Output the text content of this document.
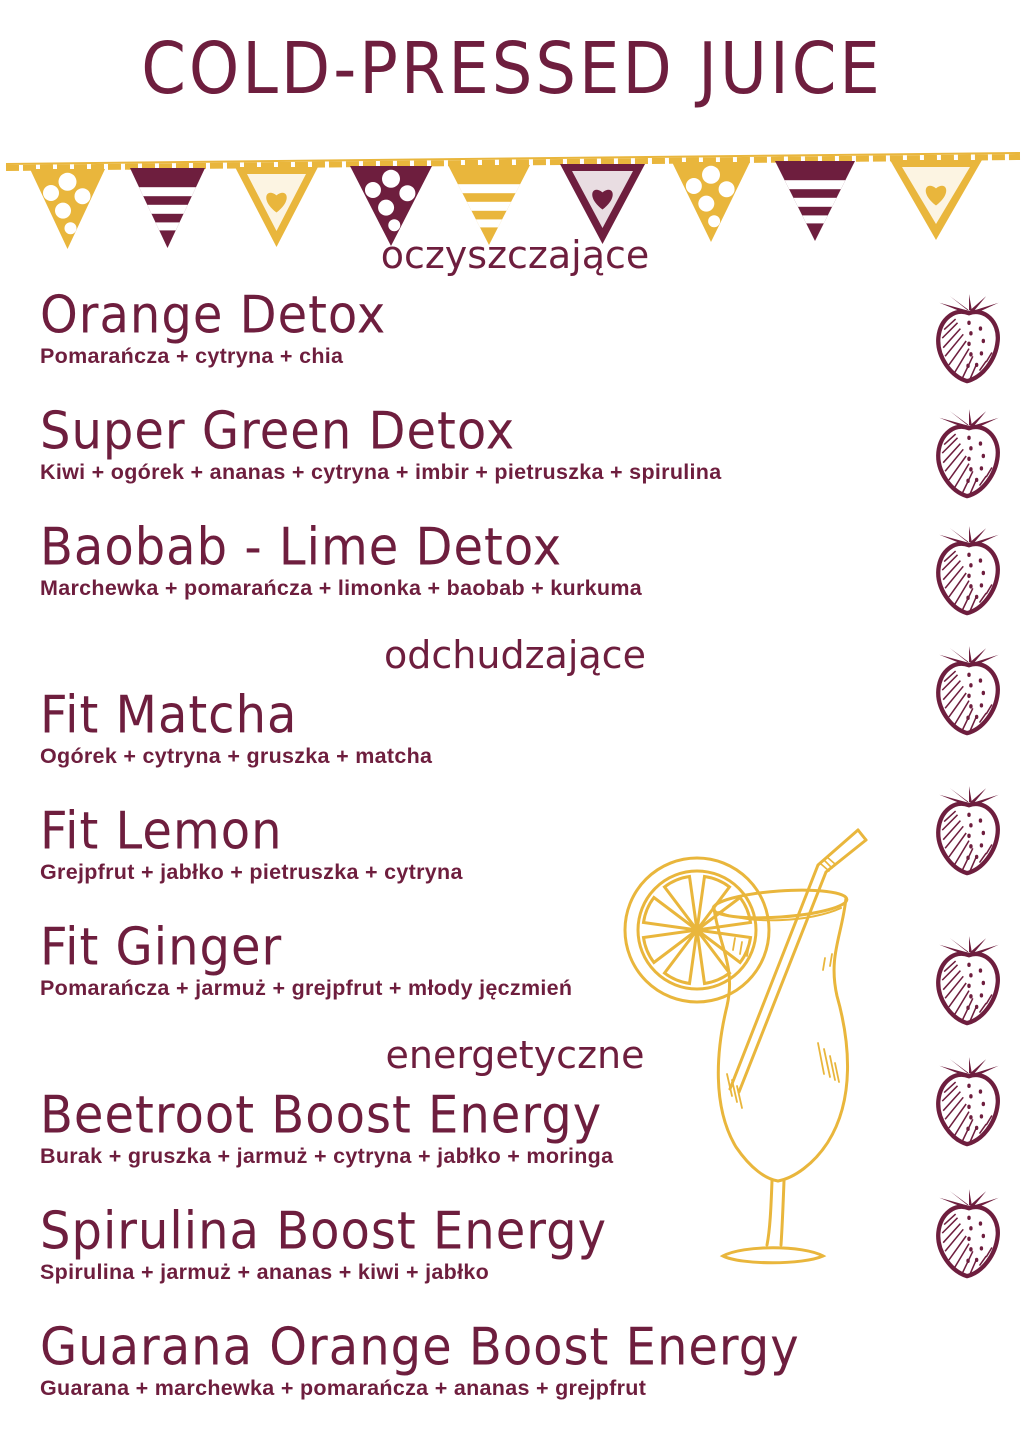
COLD-PRESSED JUICE
oczyszczające
Orange Detox
Pomarańcza + cytryna + chia
Super Green Detox
Kiwi + ogórek + ananas + cytryna + imbir + pietruszka + spirulina
Baobab - Lime Detox
Marchewka + pomarańcza + limonka + baobab + kurkuma
odchudzające
Fit Matcha
Ogórek + cytryna + gruszka + matcha
Fit Lemon
Grejpfrut + jabłko + pietruszka + cytryna
Fit Ginger
Pomarańcza + jarmuż + grejpfrut + młody jęczmień
energetyczne
Beetroot Boost Energy
Burak + gruszka + jarmuż + cytryna + jabłko + moringa
Spirulina Boost Energy
Spirulina + jarmuż + ananas + kiwi + jabłko
Guarana Orange Boost Energy
Guarana + marchewka + pomarańcza + ananas + grejpfrut
